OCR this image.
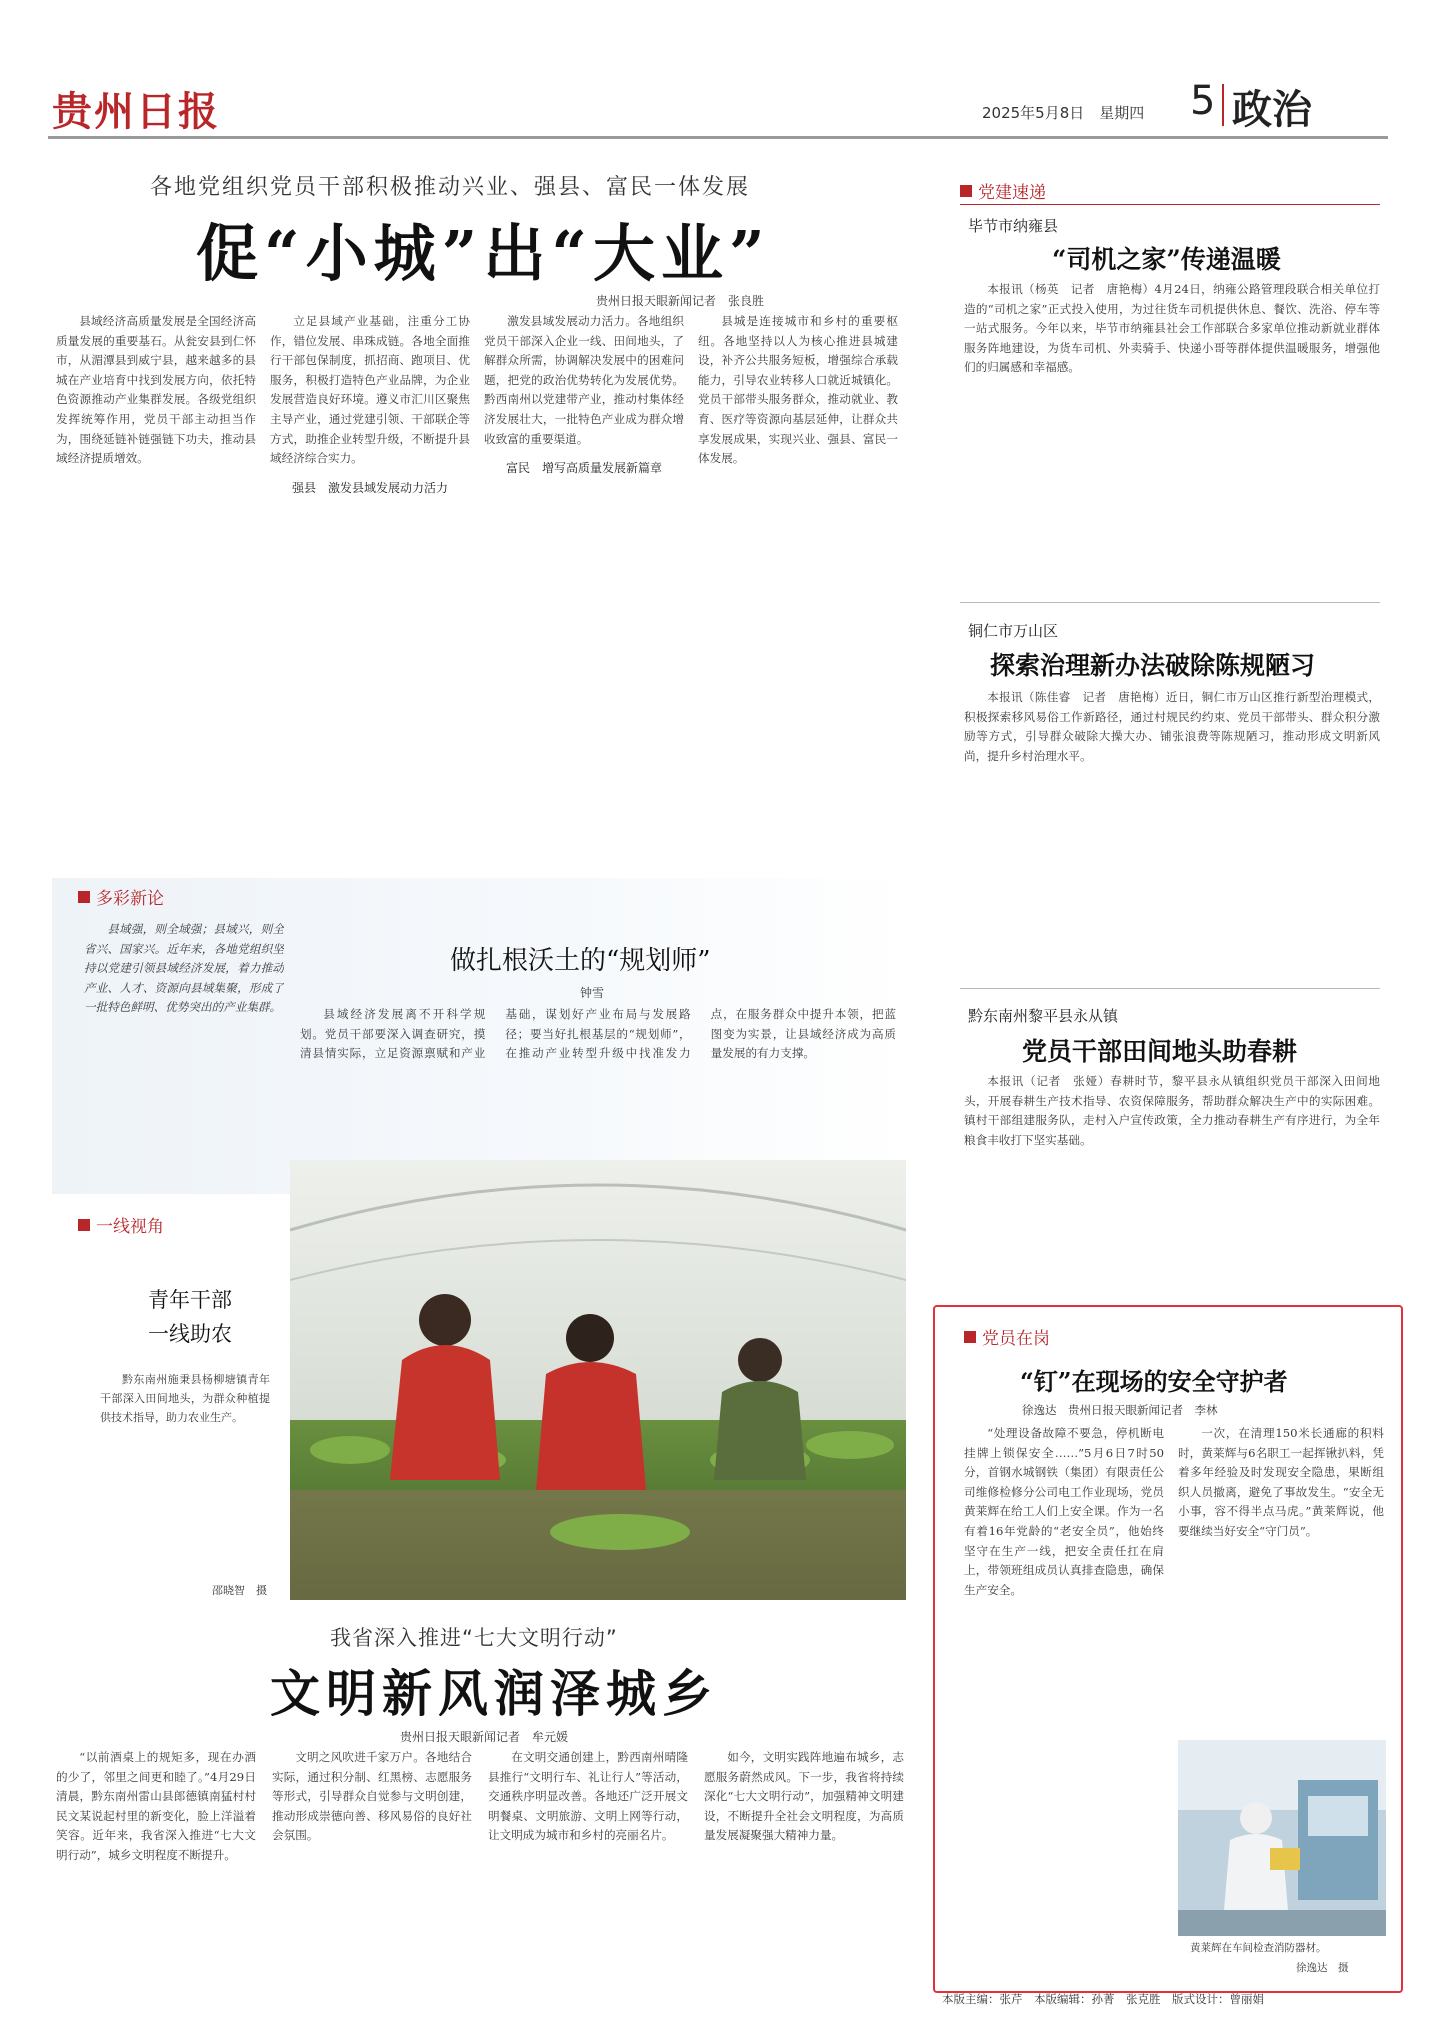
贵州日报	2025年5月8日　星期四 5 政治
各地党组织党员干部积极推动兴业、强县、富民一体发展
促“小城”出“大业”
贵州日报天眼新闻记者　张良胜

县域经济高质量发展是全国经济高质量发展的重要基石。从瓮安县到仁怀市，从湄潭县到威宁县，越来越多的县城在产业培育中找到发展方向，依托特色资源推动产业集群发展。各级党组织发挥统筹作用，党员干部主动担当作为，围绕延链补链强链下功夫，推动县域经济提质增效。

立足县域产业基础，注重分工协作，错位发展、串珠成链。各地全面推行干部包保制度，抓招商、跑项目、优服务，积极打造特色产业品牌，为企业发展营造良好环境。遵义市汇川区聚焦主导产业，通过党建引领、干部联企等方式，助推企业转型升级，不断提升县域经济综合实力。

强县　激发县域发展动力活力

激发县域发展动力活力。各地组织党员干部深入企业一线、田间地头，了解群众所需，协调解决发展中的困难问题，把党的政治优势转化为发展优势。黔西南州以党建带产业，推动村集体经济发展壮大，一批特色产业成为群众增收致富的重要渠道。

富民　增写高质量发展新篇章

县城是连接城市和乡村的重要枢纽。各地坚持以人为核心推进县城建设，补齐公共服务短板，增强综合承载能力，引导农业转移人口就近城镇化。党员干部带头服务群众，推动就业、教育、医疗等资源向基层延伸，让群众共享发展成果，实现兴业、强县、富民一体发展。

党建速递
毕节市纳雍县
“司机之家”传递温暖

本报讯（杨英　记者　唐艳梅）4月24日，纳雍公路管理段联合相关单位打造的“司机之家”正式投入使用，为过往货车司机提供休息、餐饮、洗浴、停车等一站式服务。今年以来，毕节市纳雍县社会工作部联合多家单位推动新就业群体服务阵地建设，为货车司机、外卖骑手、快递小哥等群体提供温暖服务，增强他们的归属感和幸福感。

铜仁市万山区
探索治理新办法破除陈规陋习

本报讯（陈佳睿　记者　唐艳梅）近日，铜仁市万山区推行新型治理模式，积极探索移风易俗工作新路径，通过村规民约约束、党员干部带头、群众积分激励等方式，引导群众破除大操大办、铺张浪费等陈规陋习，推动形成文明新风尚，提升乡村治理水平。

黔东南州黎平县永从镇
党员干部田间地头助春耕

本报讯（记者　张娅）春耕时节，黎平县永从镇组织党员干部深入田间地头，开展春耕生产技术指导、农资保障服务，帮助群众解决生产中的实际困难。镇村干部组建服务队，走村入户宣传政策，全力推动春耕生产有序进行，为全年粮食丰收打下坚实基础。

多彩新论
做扎根沃土的“规划师”
钟雪

县域强，则全域强；县域兴，则全省兴、国家兴。近年来，各地党组织坚持以党建引领县域经济发展，着力推动产业、人才、资源向县域集聚，形成了一批特色鲜明、优势突出的产业集群。	县域经济发展离不开科学规划。党员干部要深入调查研究，摸清县情实际，立足资源禀赋和产业基础，谋划好产业布局与发展路径；要当好扎根基层的“规划师”，在推动产业转型升级中找准发力点，在服务群众中提升本领，把蓝图变为实景，让县域经济成为高质量发展的有力支撑。

一线视角
青年干部
一线助农

黔东南州施秉县杨柳塘镇青年干部深入田间地头，为群众种植提供技术指导，助力农业生产。

邵晓智　摄
我省深入推进“七大文明行动”
文明新风润泽城乡
贵州日报天眼新闻记者　牟元媛

“以前酒桌上的规矩多，现在办酒的少了，邻里之间更和睦了。”4月29日清晨，黔东南州雷山县郎德镇南猛村村民文某说起村里的新变化，脸上洋溢着笑容。近年来，我省深入推进“七大文明行动”，城乡文明程度不断提升。

文明之风吹进千家万户。各地结合实际，通过积分制、红黑榜、志愿服务等形式，引导群众自觉参与文明创建，推动形成崇德向善、移风易俗的良好社会氛围。

在文明交通创建上，黔西南州晴隆县推行“文明行车、礼让行人”等活动，交通秩序明显改善。各地还广泛开展文明餐桌、文明旅游、文明上网等行动，让文明成为城市和乡村的亮丽名片。

如今，文明实践阵地遍布城乡，志愿服务蔚然成风。下一步，我省将持续深化“七大文明行动”，加强精神文明建设，不断提升全社会文明程度，为高质量发展凝聚强大精神力量。

党员在岗
“钉”在现场的安全守护者
徐逸达　贵州日报天眼新闻记者　李林

“处理设备故障不要急，停机断电挂牌上锁保安全……”5月6日7时50分，首钢水城钢铁（集团）有限责任公司维修检修分公司电工作业现场，党员黄莱辉在给工人们上安全课。作为一名有着16年党龄的“老安全员”，他始终坚守在生产一线，把安全责任扛在肩上，带领班组成员认真排查隐患，确保生产安全。

一次，在清理150米长通廊的积料时，黄莱辉与6名职工一起挥锹扒料，凭着多年经验及时发现安全隐患，果断组织人员撤离，避免了事故发生。“安全无小事，容不得半点马虎。”黄莱辉说，他要继续当好安全“守门员”。

黄莱辉在车间检查消防器材。
徐逸达　摄
本版主编：张芹　本版编辑：孙菁　张克胜　版式设计：曾丽娟
